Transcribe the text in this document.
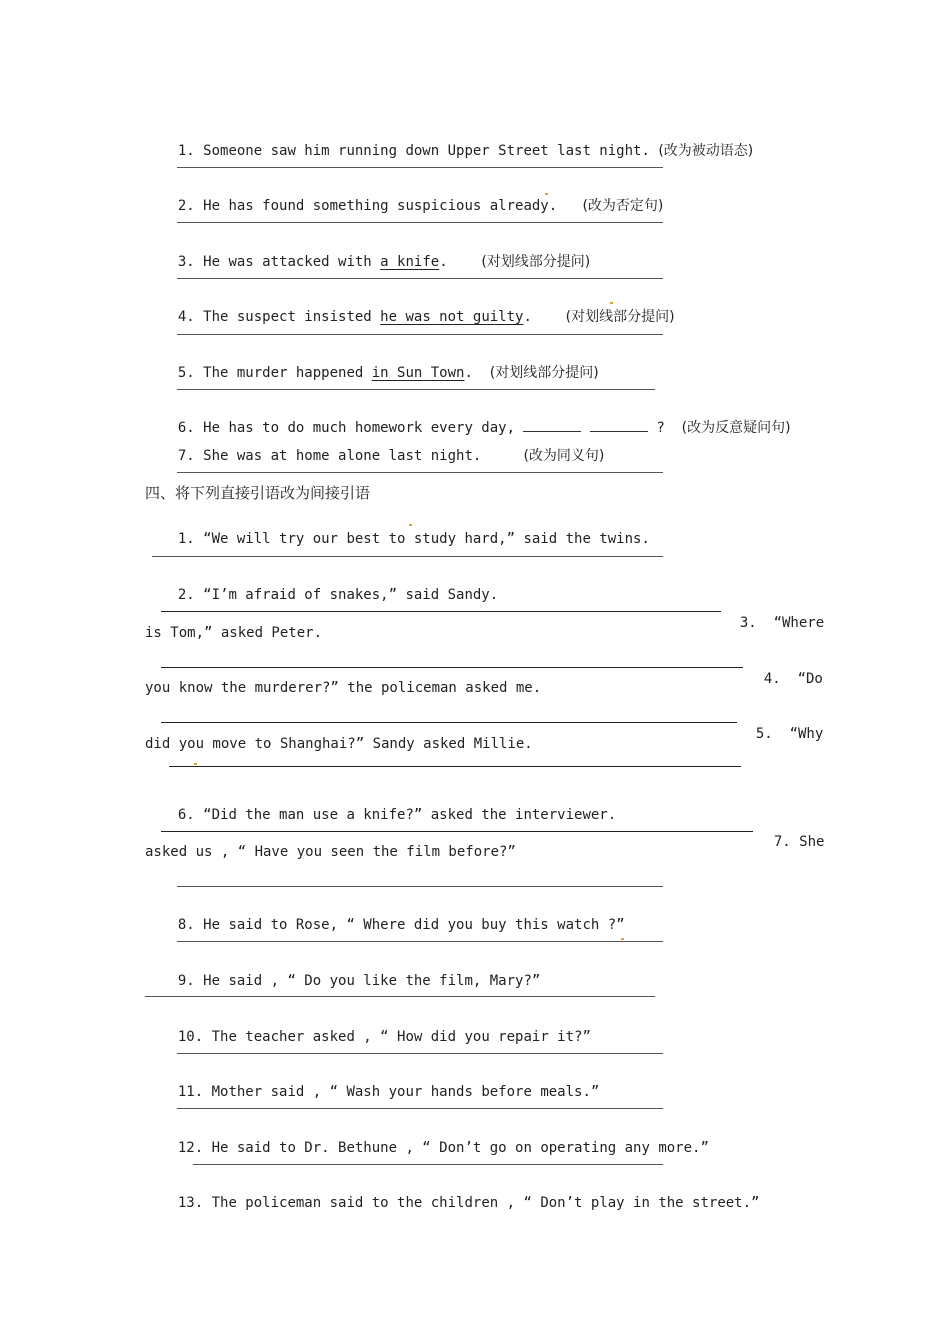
1. Someone saw him running down Upper Street last night. (改为被动语态)

2. He has found something suspicious already. (改为否定句)

3. He was attacked with a knife. (对划线部分提问)

4. The suspect insisted he was not guilty. (对划线部分提问)

5. The murder happened in Sun Town. (对划线部分提问)

6. He has to do much homework every day,	? (改为反意疑问句)

7. She was at home alone last night.	(改为同义句)

四、将下列直接引语改为间接引语

1. “We will try our best to study hard,” said the twins.

2. “I’m afraid of snakes,” said Sandy.

3. “Where

is Tom,” asked Peter.

4. “Do

you know the murderer?” the policeman asked me.

5. “Why

did you move to Shanghai?” Sandy asked Millie.

6. “Did the man use a knife?” asked the interviewer.

7. She

asked us , “ Have you seen the film before?”

8. He said to Rose, “ Where did you buy this watch ?”

9. He said , “ Do you like the film, Mary?”

10. The teacher asked , “ How did you repair it?”

11. Mother said , “ Wash your hands before meals.”

12. He said to Dr. Bethune , “ Don’t go on operating any more.”

13. The policeman said to the children , “ Don’t play in the street.”
